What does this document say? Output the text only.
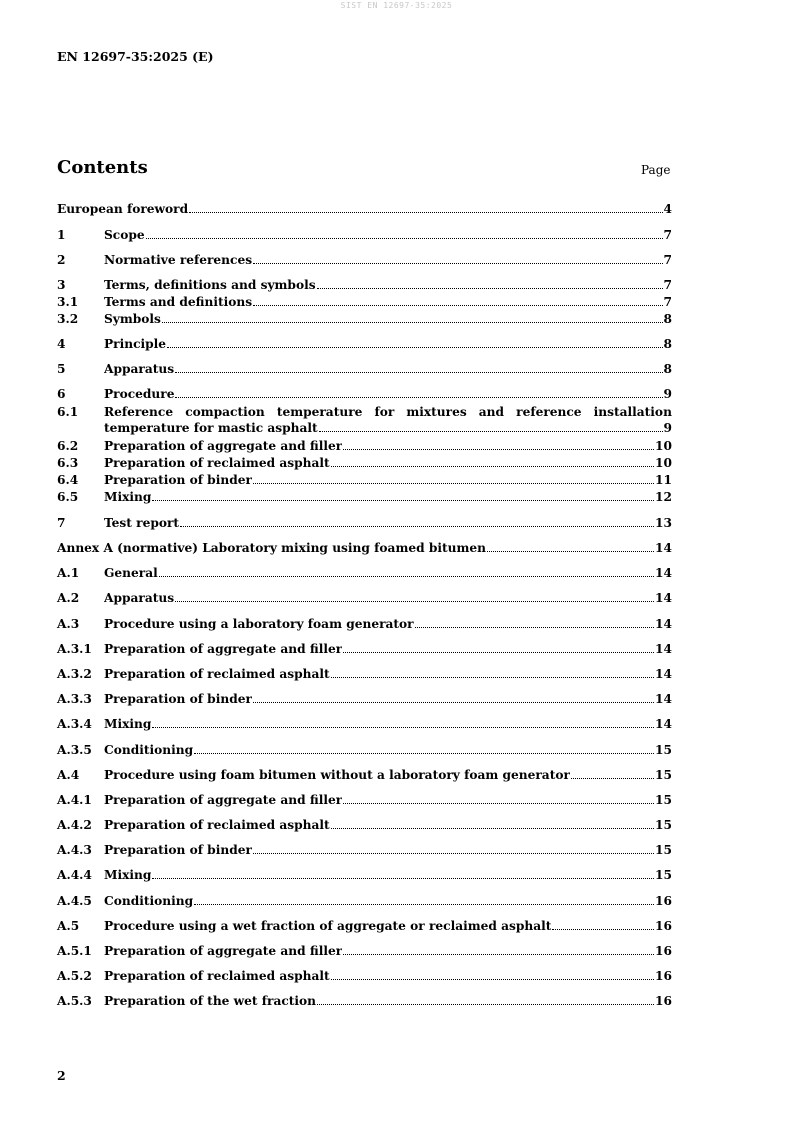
SIST EN 12697-35:2025
EN 12697-35:2025 (E)
Contents	Page
European foreword	4
1	Scope	7
2	Normative references	7
3	Terms, definitions and symbols	7
3.1	Terms and definitions	7
3.2	Symbols	8
4	Principle	8
5	Apparatus	8
6	Procedure	9
6.1	Reference compaction temperature for mixtures and reference installation
temperature for mastic asphalt	9
6.2	Preparation of aggregate and filler	10
6.3	Preparation of reclaimed asphalt	10
6.4	Preparation of binder	11
6.5	Mixing	12
7	Test report	13
Annex A (normative) Laboratory mixing using foamed bitumen	14
A.1	General	14
A.2	Apparatus	14
A.3	Procedure using a laboratory foam generator	14
A.3.1 Preparation of aggregate and filler	14
A.3.2 Preparation of reclaimed asphalt	14
A.3.3 Preparation of binder	14
A.3.4 Mixing	14
A.3.5 Conditioning	15
A.4	Procedure using foam bitumen without a laboratory foam generator	15
A.4.1 Preparation of aggregate and filler	15
A.4.2 Preparation of reclaimed asphalt	15
A.4.3 Preparation of binder	15
A.4.4 Mixing	15
A.4.5 Conditioning	16
A.5	Procedure using a wet fraction of aggregate or reclaimed asphalt	16
A.5.1 Preparation of aggregate and filler	16
A.5.2 Preparation of reclaimed asphalt	16
A.5.3 Preparation of the wet fraction	16
2
